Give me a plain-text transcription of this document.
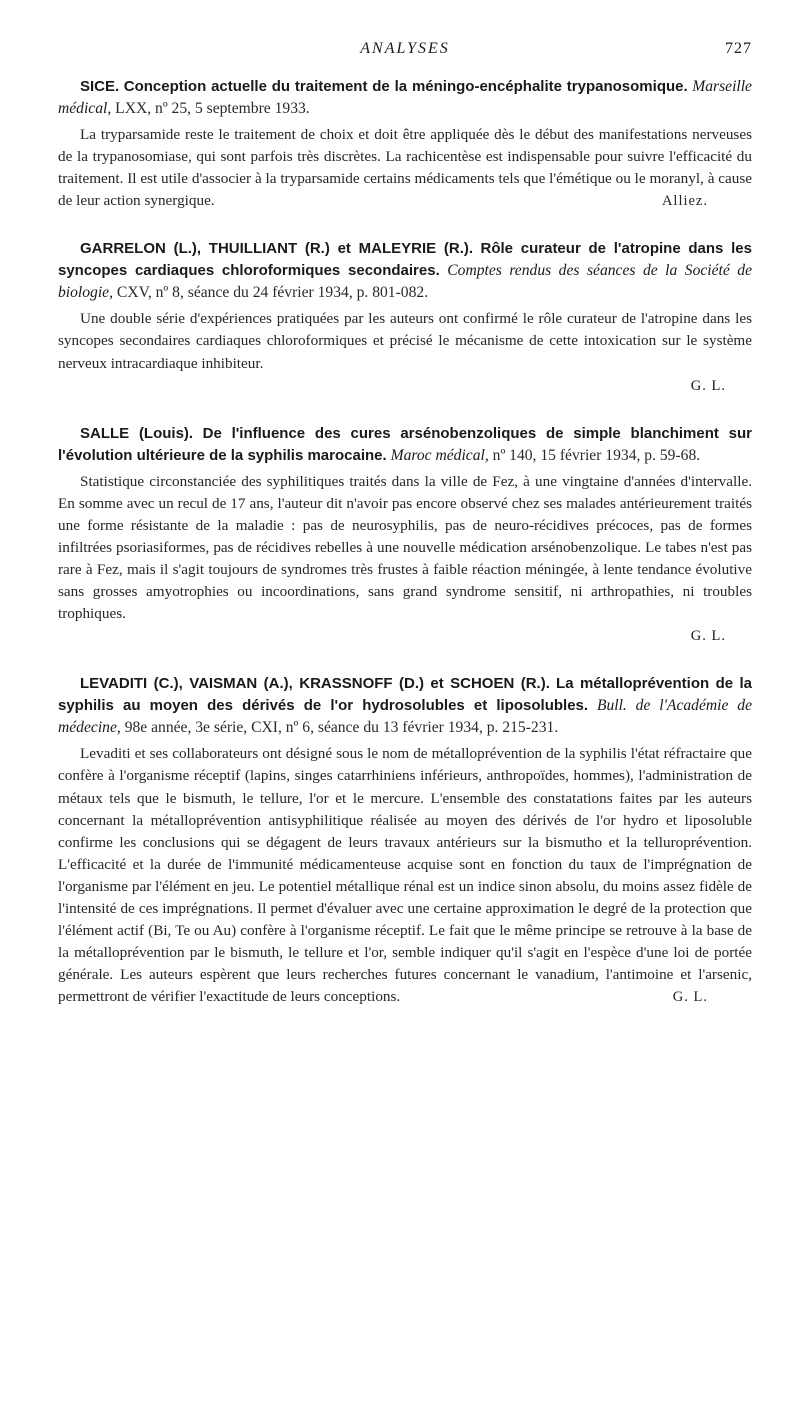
ANALYSES	727

SICE. Conception actuelle du traitement de la méningo-encéphalite trypanosomique. Marseille médical, LXX, nº 25, 5 septembre 1933.

La tryparsamide reste le traitement de choix et doit être appliquée dès le début des manifestations nerveuses de la trypanosomiase, qui sont parfois très discrètes. La rachicentèse est indispensable pour suivre l'efficacité du traitement. Il est utile d'associer à la tryparsamide certains médicaments tels que l'émétique ou le moranyl, à cause de leur action synergique.	Alliez.

GARRELON (L.), THUILLIANT (R.) et MALEYRIE (R.). Rôle curateur de l'atropine dans les syncopes cardiaques chloroformiques secondaires. Comptes rendus des séances de la Société de biologie, CXV, nº 8, séance du 24 février 1934, p. 801-082.

Une double série d'expériences pratiquées par les auteurs ont confirmé le rôle curateur de l'atropine dans les syncopes secondaires cardiaques chloroformiques et précisé le mécanisme de cette intoxication sur le système nerveux intracardiaque inhibiteur.

G. L.

SALLE (Louis). De l'influence des cures arsénobenzoliques de simple blanchiment sur l'évolution ultérieure de la syphilis marocaine. Maroc médical, nº 140, 15 février 1934, p. 59-68.

Statistique circonstanciée des syphilitiques traités dans la ville de Fez, à une vingtaine d'années d'intervalle. En somme avec un recul de 17 ans, l'auteur dit n'avoir pas encore observé chez ses malades antérieurement traités une forme résistante de la maladie : pas de neurosyphilis, pas de neuro-récidives précoces, pas de formes infiltrées psoriasiformes, pas de récidives rebelles à une nouvelle médication arsénobenzolique. Le tabes n'est pas rare à Fez, mais il s'agit toujours de syndromes très frustes à faible réaction méningée, à lente tendance évolutive sans grosses amyotrophies ou incoordinations, sans grand syndrome sensitif, ni arthropathies, ni troubles trophiques.

G. L.

LEVADITI (C.), VAISMAN (A.), KRASSNOFF (D.) et SCHOEN (R.). La métalloprévention de la syphilis au moyen des dérivés de l'or hydrosolubles et liposolubles. Bull. de l'Académie de médecine, 98e année, 3e série, CXI, nº 6, séance du 13 février 1934, p. 215-231.

Levaditi et ses collaborateurs ont désigné sous le nom de métalloprévention de la syphilis l'état réfractaire que confère à l'organisme réceptif (lapins, singes catarrhiniens inférieurs, anthropoïdes, hommes), l'administration de métaux tels que le bismuth, le tellure, l'or et le mercure. L'ensemble des constatations faites par les auteurs concernant la métalloprévention antisyphilitique réalisée au moyen des dérivés de l'or hydro et liposoluble confirme les conclusions qui se dégagent de leurs travaux antérieurs sur la bismutho et la telluroprévention. L'efficacité et la durée de l'immunité médicamenteuse acquise sont en fonction du taux de l'imprégnation de l'organisme par l'élément en jeu. Le potentiel métallique rénal est un indice sinon absolu, du moins assez fidèle de l'intensité de ces imprégnations. Il permet d'évaluer avec une certaine approximation le degré de la protection que l'élément actif (Bi, Te ou Au) confère à l'organisme réceptif. Le fait que le même principe se retrouve à la base de la métalloprévention par le bismuth, le tellure et l'or, semble indiquer qu'il s'agit en l'espèce d'une loi de portée générale. Les auteurs espèrent que leurs recherches futures concernant le vanadium, l'antimoine et l'arsenic, permettront de vérifier l'exactitude de leurs conceptions.	G. L.
